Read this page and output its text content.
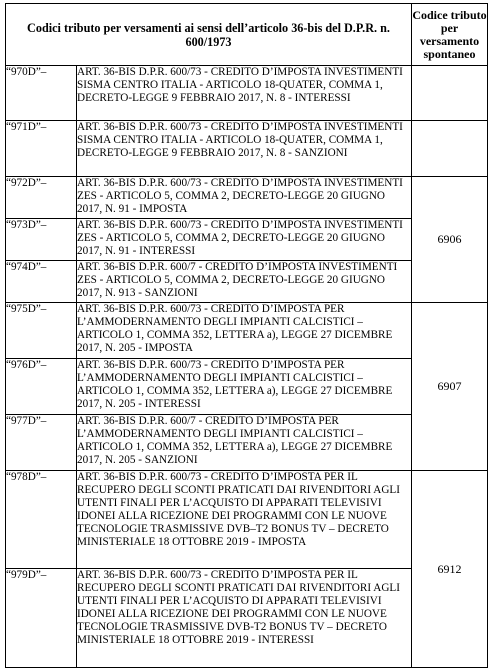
Codici tributo per versamenti ai sensi dell’articolo 36-bis del D.P.R. n. 600/1973		Codice tributo per versamento spontaneo
“970D”–	ART. 36-BIS D.P.R. 600/73 - CREDITO D’IMPOSTA INVESTIMENTI SISMA CENTRO ITALIA - ARTICOLO 18-QUATER, COMMA 1, DECRETO-LEGGE 9 FEBBRAIO 2017, N. 8 - INTERESSI	
“971D”–	ART. 36-BIS D.P.R. 600/73 - CREDITO D’IMPOSTA INVESTIMENTI SISMA CENTRO ITALIA - ARTICOLO 18-QUATER, COMMA 1, DECRETO-LEGGE 9 FEBBRAIO 2017, N. 8 - SANZIONI	
“972D”–	ART. 36-BIS D.P.R. 600/73 - CREDITO D’IMPOSTA INVESTIMENTI ZES - ARTICOLO 5, COMMA 2, DECRETO-LEGGE 20 GIUGNO 2017, N. 91 - IMPOSTA	6906
“973D”–	ART. 36-BIS D.P.R. 600/73 - CREDITO D’IMPOSTA INVESTIMENTI ZES - ARTICOLO 5, COMMA 2, DECRETO-LEGGE 20 GIUGNO 2017, N. 91 - INTERESSI	
“974D”–	ART. 36-BIS D.P.R. 600/7 - CREDITO D’IMPOSTA INVESTIMENTI ZES - ARTICOLO 5, COMMA 2, DECRETO-LEGGE 20 GIUGNO 2017, N. 913 - SANZIONI	
“975D”–	ART. 36-BIS D.P.R. 600/73 - CREDITO D’IMPOSTA PER L’AMMODERNAMENTO DEGLI IMPIANTI CALCISTICI – ARTICOLO 1, COMMA 352, LETTERA a), LEGGE 27 DICEMBRE 2017, N. 205 - IMPOSTA	6907
“976D”–	ART. 36-BIS D.P.R. 600/73 - CREDITO D’IMPOSTA PER L’AMMODERNAMENTO DEGLI IMPIANTI CALCISTICI – ARTICOLO 1, COMMA 352, LETTERA a), LEGGE 27 DICEMBRE 2017, N. 205 - INTERESSI	
“977D”–	ART. 36-BIS D.P.R. 600/7 - CREDITO D’IMPOSTA PER L’AMMODERNAMENTO DEGLI IMPIANTI CALCISTICI – ARTICOLO 1, COMMA 352, LETTERA a), LEGGE 27 DICEMBRE 2017, N. 205 - SANZIONI	
“978D”–	ART. 36-BIS D.P.R. 600/73 - CREDITO D’IMPOSTA PER IL RECUPERO DEGLI SCONTI PRATICATI DAI RIVENDITORI AGLI UTENTI FINALI PER L’ACQUISTO DI APPARATI TELEVISIVI IDONEI ALLA RICEZIONE DEI PROGRAMMI CON LE NUOVE TECNOLOGIE TRASMISSIVE DVB–T2 BONUS TV – DECRETO MINISTERIALE 18 OTTOBRE 2019 - IMPOSTA	6912
“979D”–	ART. 36-BIS D.P.R. 600/73 - CREDITO D’IMPOSTA PER IL RECUPERO DEGLI SCONTI PRATICATI DAI RIVENDITORI AGLI UTENTI FINALI PER L’ACQUISTO DI APPARATI TELEVISIVI IDONEI ALLA RICEZIONE DEI PROGRAMMI CON LE NUOVE TECNOLOGIE TRASMISSIVE DVB-T2 BONUS TV – DECRETO MINISTERIALE 18 OTTOBRE 2019 - INTERESSI	
